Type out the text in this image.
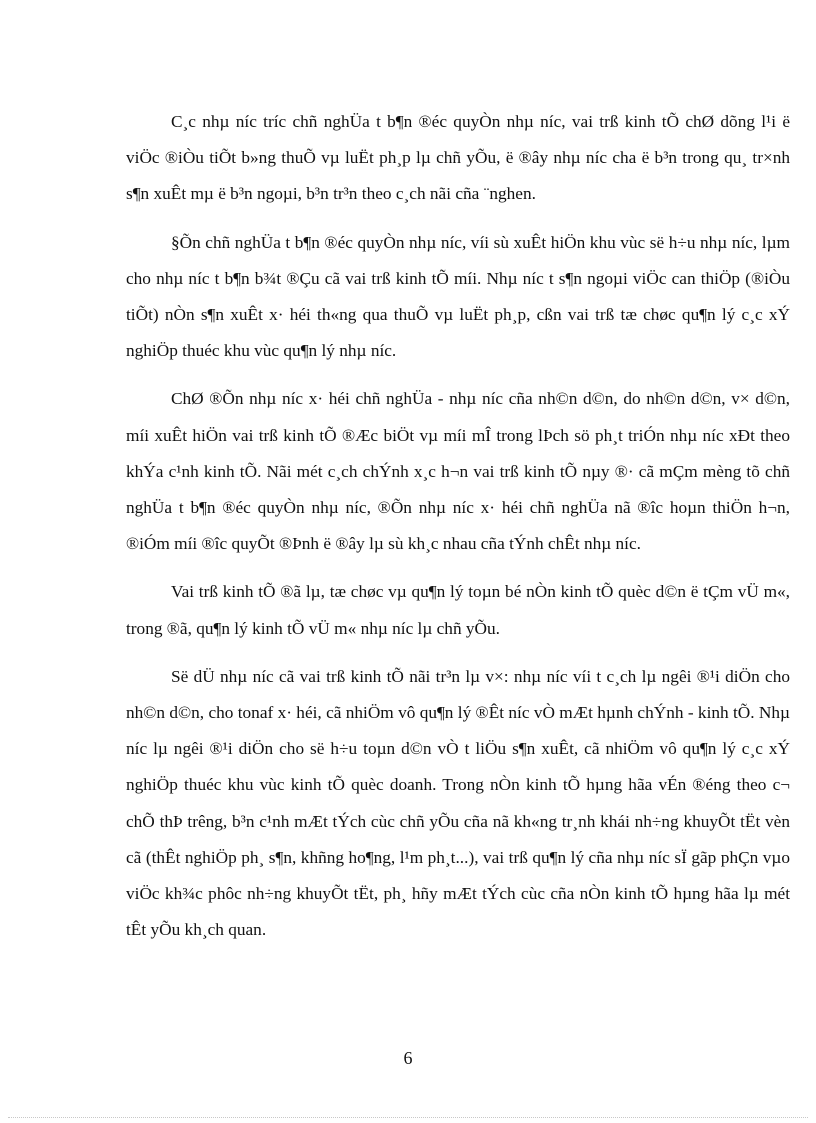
C¸c nhµ níc tríc chñ nghÜa t b¶n ®éc quyÒn nhµ níc, vai trß kinh tÕ chØ dõng l¹i ë viÖc ®iÒu tiÕt b»ng thuÕ vµ luËt ph¸p lµ chñ yÕu, ë ®ây nhµ níc cha ë b³n trong qu¸ tr×nh s¶n xuÊt mµ ë b³n ngoµi, b³n tr³n theo c¸ch nãi cña ¨nghen.

§Õn chñ nghÜa t b¶n ®éc quyÒn nhµ níc, víi sù xuÊt hiÖn khu vùc së h÷u nhµ níc, lµm cho nhµ níc t b¶n b¾t ®Çu cã vai trß kinh tÕ míi. Nhµ níc t s¶n ngoµi viÖc can thiÖp (®iÒu tiÕt) nÒn s¶n xuÊt x· héi th«ng qua thuÕ vµ luËt ph¸p, cßn vai trß tæ chøc qu¶n lý c¸c xÝ nghiÖp thuéc khu vùc qu¶n lý nhµ níc.

ChØ ®Õn nhµ níc x· héi chñ nghÜa - nhµ níc cña nh©n d©n, do nh©n d©n, v× d©n, míi xuÊt hiÖn vai trß kinh tÕ ®Æc biÖt vµ míi mÎ trong lÞch sö ph¸t triÓn nhµ níc xÐt theo khÝa c¹nh kinh tÕ. Nãi mét c¸ch chÝnh x¸c h¬n vai trß kinh tÕ nµy ®· cã mÇm mèng tõ chñ nghÜa t b¶n ®éc quyÒn nhµ níc, ®Õn nhµ níc x· héi chñ nghÜa nã ®îc hoµn thiÖn h¬n, ®iÓm míi ®îc quyÕt ®Þnh ë ®ây lµ sù kh¸c nhau cña tÝnh chÊt nhµ níc.

Vai trß kinh tÕ ®ã lµ, tæ chøc vµ qu¶n lý toµn bé nÒn kinh tÕ quèc d©n ë tÇm vÜ m«, trong ®ã, qu¶n lý kinh tÕ vÜ m« nhµ níc lµ chñ yÕu.

Së dÜ nhµ níc cã vai trß kinh tÕ nãi tr³n lµ v×: nhµ níc víi t c¸ch lµ ngêi ®¹i diÖn cho nh©n d©n, cho tonaf x· héi, cã nhiÖm vô qu¶n lý ®Êt níc vÒ mÆt hµnh chÝnh - kinh tÕ. Nhµ níc lµ ngêi ®¹i diÖn cho së h÷u toµn d©n vÒ t liÖu s¶n xuÊt, cã nhiÖm vô qu¶n lý c¸c xÝ nghiÖp thuéc khu vùc kinh tÕ quèc doanh. Trong nÒn kinh tÕ hµng hãa vÉn ®éng theo c¬ chÕ thÞ trêng, b³n c¹nh mÆt tÝch cùc chñ yÕu cña nã kh«ng tr¸nh khái nh÷ng khuyÕt tËt vèn cã (thÊt nghiÖp ph¸ s¶n, khñng ho¶ng, l¹m ph¸t...), vai trß qu¶n lý cña nhµ níc sÏ gãp phÇn vµo viÖc kh¾c phôc nh÷ng khuyÕt tËt, ph¸ hñy mÆt tÝch cùc cña nÒn kinh tÕ hµng hãa lµ mét tÊt yÕu kh¸ch quan.

6
